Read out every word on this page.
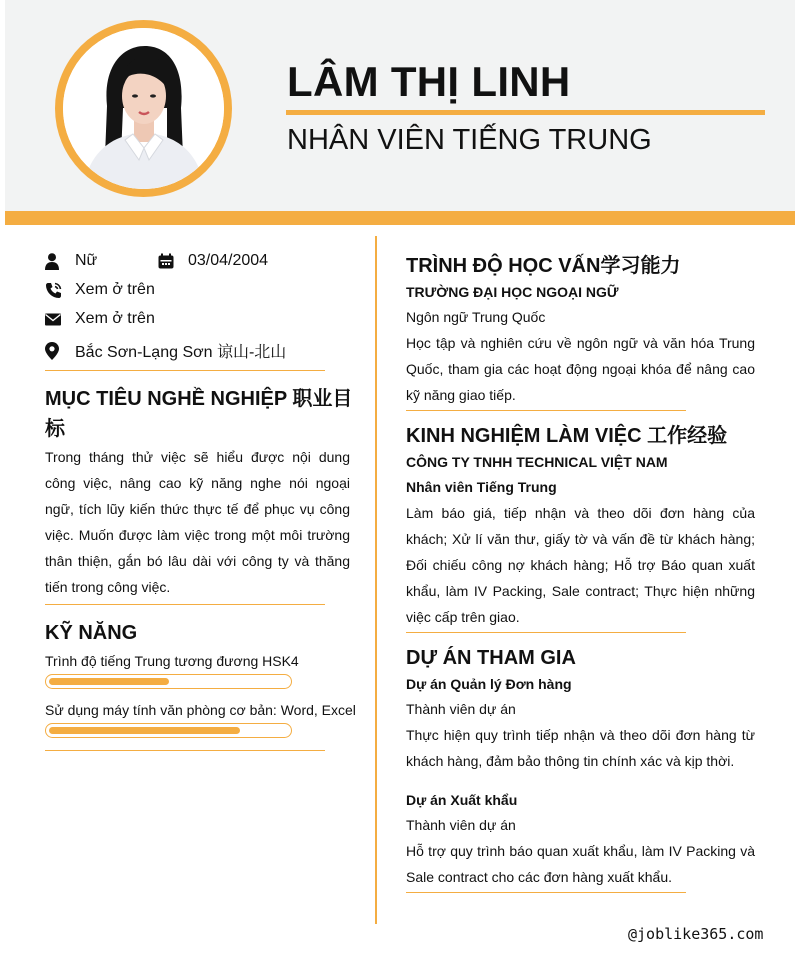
LÂM THỊ LINH
NHÂN VIÊN TIẾNG TRUNG
Nữ	03/04/2004
Xem ở trên
Xem ở trên
Bắc Sơn-Lạng Sơn 谅山-北山
MỤC TIÊU NGHỀ NGHIỆP 职业目
标
Trong tháng thử việc sẽ hiểu được nội dung công việc, nâng cao kỹ năng nghe nói ngoại ngữ, tích lũy kiến thức thực tế để phục vụ công việc. Muốn được làm việc trong một môi trường thân thiện, gắn bó lâu dài với công ty và thăng tiến trong công việc.
KỸ NĂNG
Trình độ tiếng Trung tương đương HSK4
Sử dụng máy tính văn phòng cơ bản: Word, Excel
TRÌNH ĐỘ HỌC VẤN学习能力
TRƯỜNG ĐẠI HỌC NGOẠI NGỮ
Ngôn ngữ Trung Quốc
Học tập và nghiên cứu về ngôn ngữ và văn hóa Trung Quốc, tham gia các hoạt động ngoại khóa để nâng cao kỹ năng giao tiếp.
KINH NGHIỆM LÀM VIỆC 工作经验
CÔNG TY TNHH TECHNICAL VIỆT NAM
Nhân viên Tiếng Trung
Làm báo giá, tiếp nhận và theo dõi đơn hàng của khách; Xử lí văn thư, giấy tờ và vấn đề từ khách hàng; Đối chiếu công nợ khách hàng; Hỗ trợ Báo quan xuất khẩu, làm IV Packing, Sale contract; Thực hiện những việc cấp trên giao.
DỰ ÁN THAM GIA
Dự án Quản lý Đơn hàng
Thành viên dự án
Thực hiện quy trình tiếp nhận và theo dõi đơn hàng từ khách hàng, đảm bảo thông tin chính xác và kịp thời.
Dự án Xuất khẩu
Thành viên dự án
Hỗ trợ quy trình báo quan xuất khẩu, làm IV Packing và Sale contract cho các đơn hàng xuất khẩu.
@joblike365.com
